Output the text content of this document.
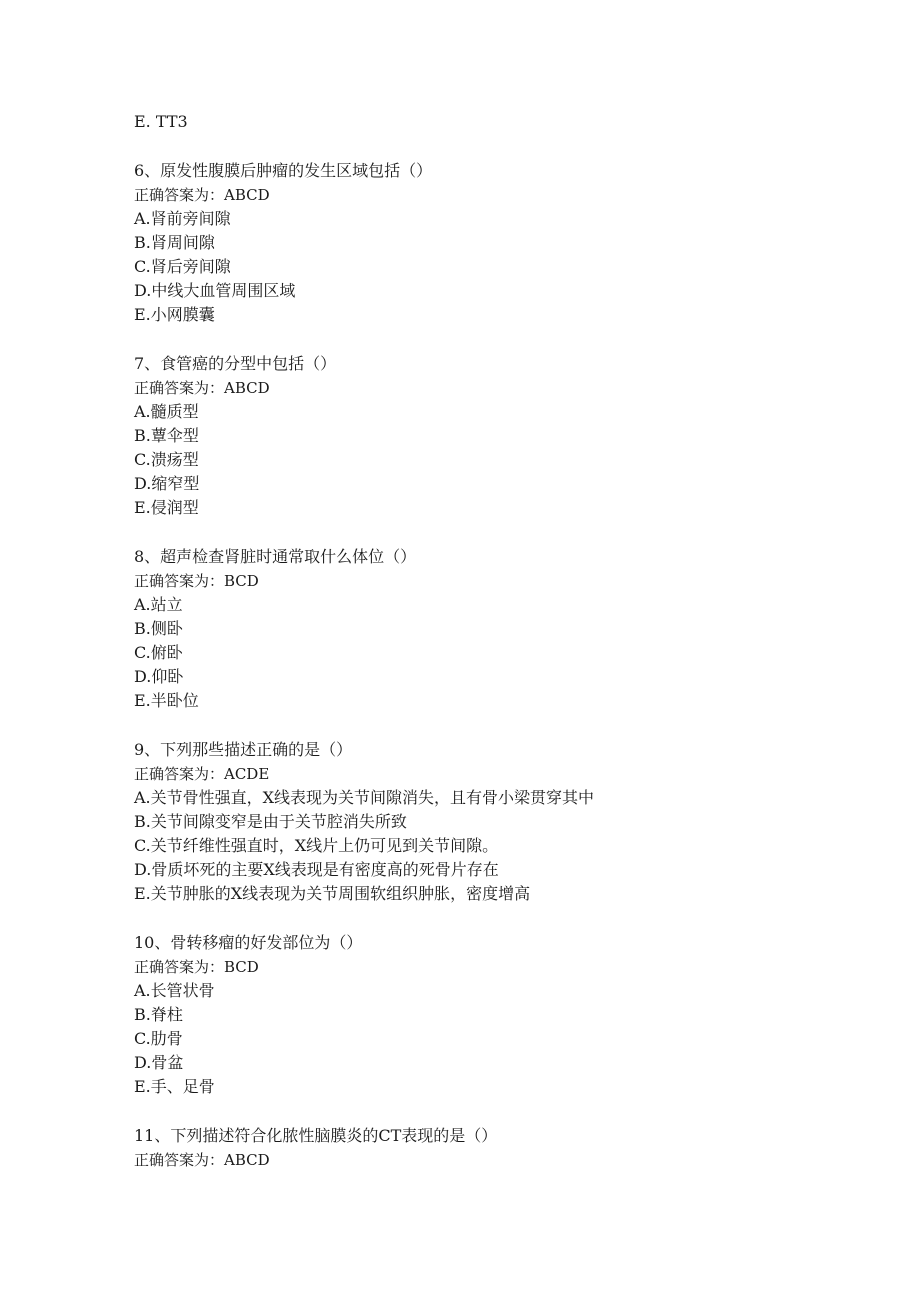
E. TT3
6、原发性腹膜后肿瘤的发生区域包括（）
正确答案为：ABCD
A.肾前旁间隙
B.肾周间隙
C.肾后旁间隙
D.中线大血管周围区域
E.小网膜囊
7、食管癌的分型中包括（）
正确答案为：ABCD
A.髓质型
B.蕈伞型
C.溃疡型
D.缩窄型
E.侵润型
8、超声检查肾脏时通常取什么体位（）
正确答案为：BCD
A.站立
B.侧卧
C.俯卧
D.仰卧
E.半卧位
9、下列那些描述正确的是（）
正确答案为：ACDE
A.关节骨性强直，X线表现为关节间隙消失，且有骨小梁贯穿其中
B.关节间隙变窄是由于关节腔消失所致
C.关节纤维性强直时，X线片上仍可见到关节间隙。
D.骨质坏死的主要X线表现是有密度高的死骨片存在
E.关节肿胀的X线表现为关节周围软组织肿胀，密度增高
10、骨转移瘤的好发部位为（）
正确答案为：BCD
A.长管状骨
B.脊柱
C.肋骨
D.骨盆
E.手、足骨
11、下列描述符合化脓性脑膜炎的CT表现的是（）
正确答案为：ABCD
